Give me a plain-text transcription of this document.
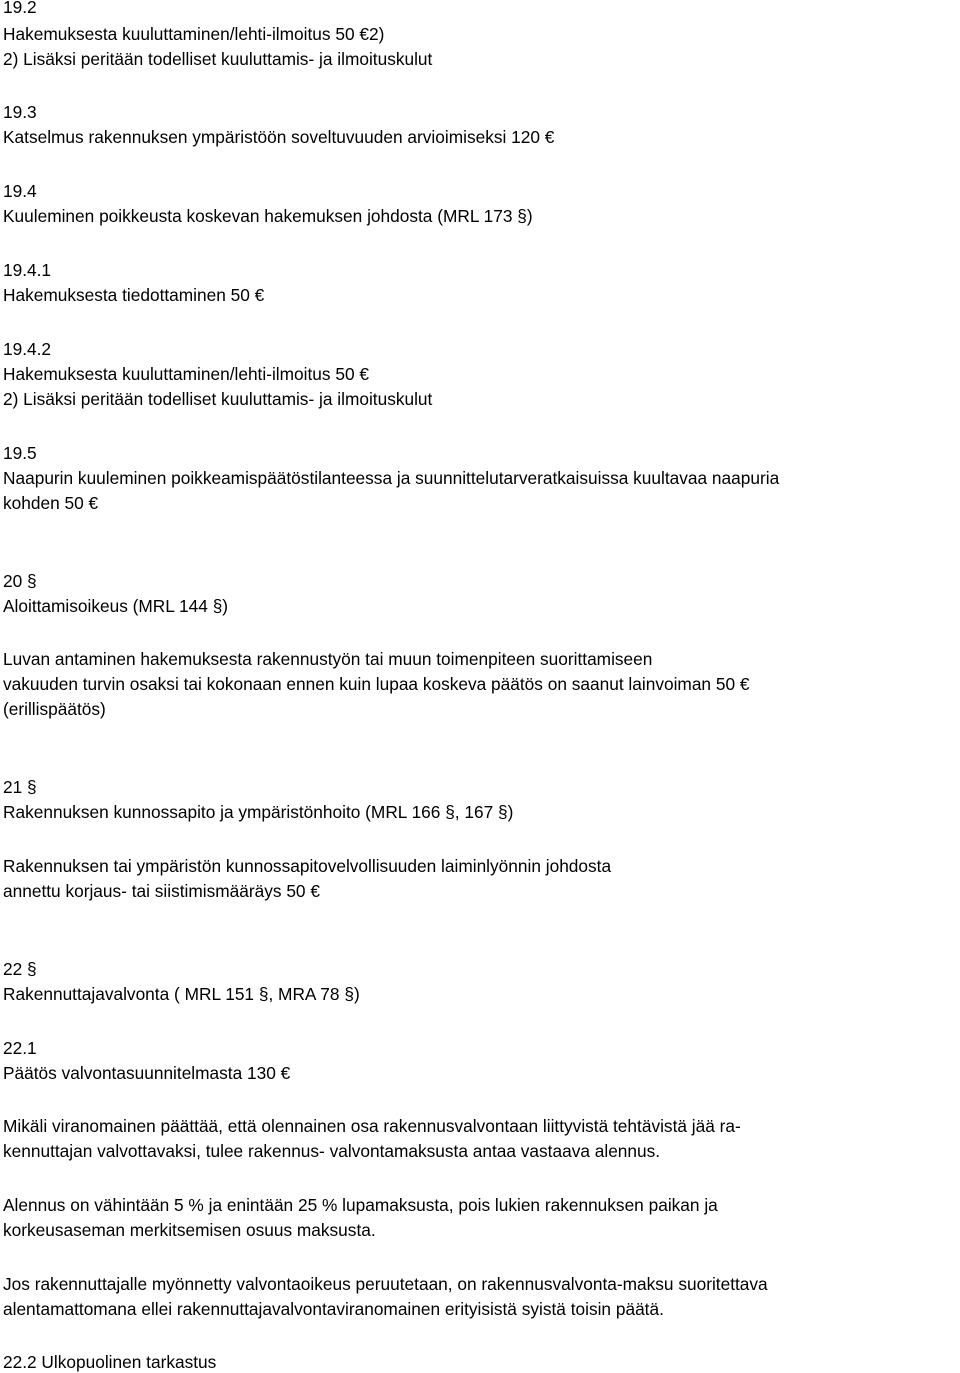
19.2
Hakemuksesta kuuluttaminen/lehti-ilmoitus 50 €2)
2) Lisäksi peritään todelliset kuuluttamis- ja ilmoituskulut
19.3
Katselmus rakennuksen ympäristöön soveltuvuuden arvioimiseksi 120 €
19.4
Kuuleminen poikkeusta koskevan hakemuksen johdosta (MRL 173 §)
19.4.1
Hakemuksesta tiedottaminen 50 €
19.4.2
Hakemuksesta kuuluttaminen/lehti-ilmoitus 50 €
2) Lisäksi peritään todelliset kuuluttamis- ja ilmoituskulut
19.5
Naapurin kuuleminen poikkeamispäätöstilanteessa ja suunnittelutarveratkaisuissa kuultavaa naapuria
kohden 50 €
20 §
Aloittamisoikeus (MRL 144 §)
Luvan antaminen hakemuksesta rakennustyön tai muun toimenpiteen suorittamiseen
vakuuden turvin osaksi tai kokonaan ennen kuin lupaa koskeva päätös on saanut lainvoiman 50 €
(erillispäätös)
21 §
Rakennuksen kunnossapito ja ympäristönhoito (MRL 166 §, 167 §)
Rakennuksen tai ympäristön kunnossapitovelvollisuuden laiminlyönnin johdosta
annettu korjaus- tai siistimismääräys 50 €
22 §
Rakennuttajavalvonta ( MRL 151 §, MRA 78 §)
22.1
Päätös valvontasuunnitelmasta 130 €
Mikäli viranomainen päättää, että olennainen osa rakennusvalvontaan liittyvistä tehtävistä jää ra-
kennuttajan valvottavaksi, tulee rakennus- valvontamaksusta antaa vastaava alennus.
Alennus on vähintään 5 % ja enintään 25 % lupamaksusta, pois lukien rakennuksen paikan ja
korkeusaseman merkitsemisen osuus maksusta.
Jos rakennuttajalle myönnetty valvontaoikeus peruutetaan, on rakennusvalvonta-maksu suoritettava
alentamattomana ellei rakennuttajavalvontaviranomainen erityisistä syistä toisin päätä.
22.2 Ulkopuolinen tarkastus
